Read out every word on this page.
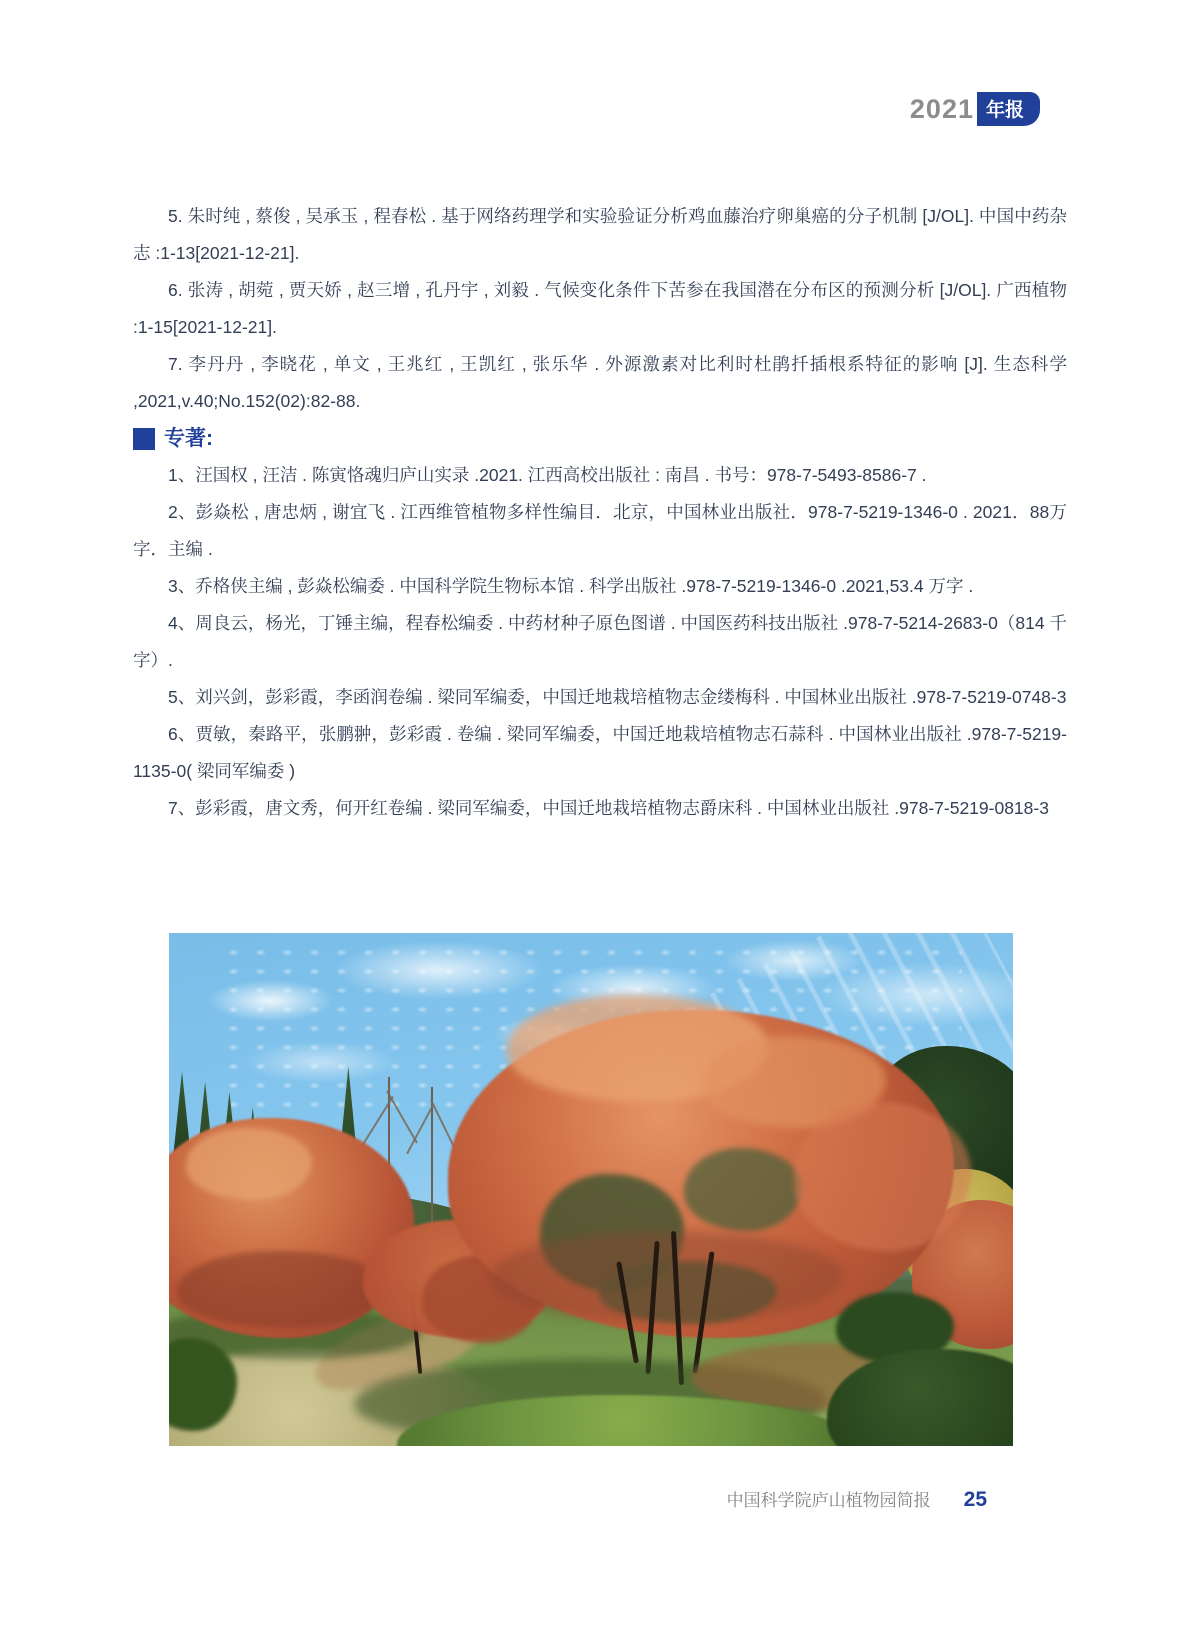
2021 年报

5. 朱时纯 , 蔡俊 , 吴承玉 , 程春松 . 基于网络药理学和实验验证分析鸡血藤治疗卵巢癌的分子机制 [J/OL]. 中国中药杂志 :1-13[2021-12-21].

6. 张涛 , 胡菀 , 贾天娇 , 赵三增 , 孔丹宇 , 刘毅 . 气候变化条件下苦参在我国潜在分布区的预测分析 [J/OL]. 广西植物 :1-15[2021-12-21].

7. 李丹丹 , 李晓花 , 单文 , 王兆红 , 王凯红 , 张乐华 . 外源激素对比利时杜鹃扦插根系特征的影响 [J]. 生态科学 ,2021,v.40;No.152(02):82-88.

专著:

1、汪国权 , 汪洁 . 陈寅恪魂归庐山实录 .2021. 江西高校出版社 : 南昌 . 书号：978-7-5493-8586-7 .

2、彭焱松 , 唐忠炳 , 谢宜飞 . 江西维管植物多样性编目．北京，中国林业出版社．978-7-5219-1346-0 . 2021．88万字．主编 .

3、乔格侠主编 , 彭焱松编委 . 中国科学院生物标本馆 . 科学出版社 .978-7-5219-1346-0 .2021,53.4 万字 .

4、周良云，杨光，丁锤主编，程春松编委 . 中药材种子原色图谱 . 中国医药科技出版社 .978-7-5214-2683-0（814 千字）.

5、刘兴剑，彭彩霞，李函润卷编 . 梁同军编委，中国迁地栽培植物志金缕梅科 . 中国林业出版社 .978-7-5219-0748-3

6、贾敏，秦路平，张鹏翀，彭彩霞 . 卷编 . 梁同军编委，中国迁地栽培植物志石蒜科 . 中国林业出版社 .978-7-5219-1135-0( 梁同军编委 )

7、彭彩霞，唐文秀，何开红卷编 . 梁同军编委，中国迁地栽培植物志爵床科 . 中国林业出版社 .978-7-5219-0818-3

中国科学院庐山植物园简报 25
